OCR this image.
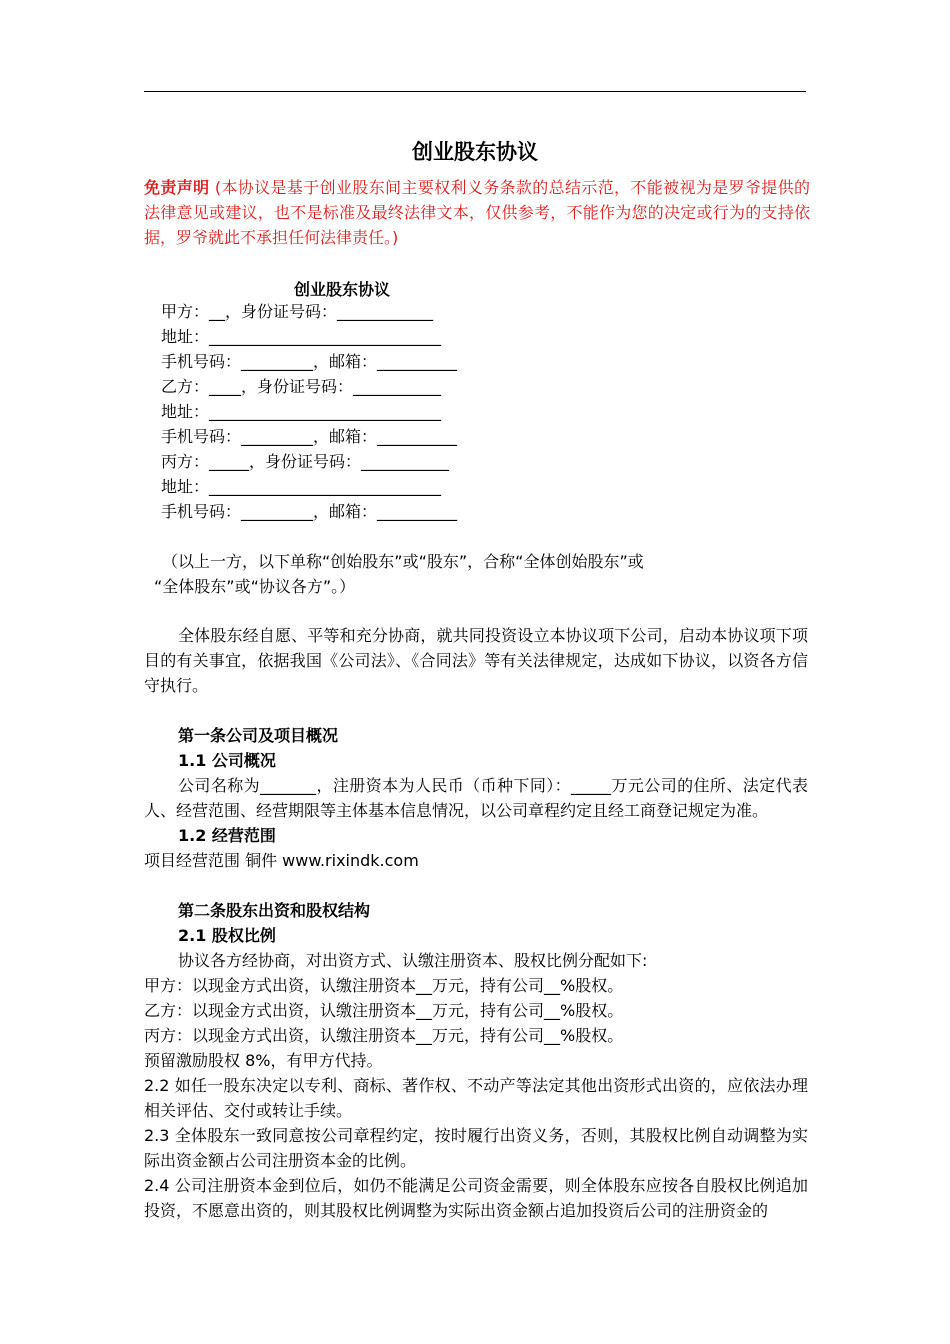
创业股东协议
免责声明 (本协议是基于创业股东间主要权利义务条款的总结示范，不能被视为是罗爷提供的法律意见或建议，也不是标准及最终法律文本，仅供参考，不能作为您的决定或行为的支持依据，罗爷就此不承担任何法律责任。)
创业股东协议
甲方：__，身份证号码：____________
地址：_____________________________
手机号码：_________，邮箱：__________
乙方：____，身份证号码：___________
地址：_____________________________
手机号码：_________，邮箱：__________
丙方：_____，身份证号码：___________
地址：_____________________________
手机号码：_________，邮箱：__________
（以上一方，以下单称“创始股东”或“股东”，合称“全体创始股东”或
“全体股东”或“协议各方”。）
全体股东经自愿、平等和充分协商，就共同投资设立本协议项下公司，启动本协议项下项目的有关事宜，依据我国《公司法》、《合同法》等有关法律规定，达成如下协议，以资各方信守执行。
第一条公司及项目概况
1.1 公司概况
公司名称为_______，注册资本为人民币（币种下同）：_____万元公司的住所、法定代表人、经营范围、经营期限等主体基本信息情况，以公司章程约定且经工商登记规定为准。
1.2 经营范围
项目经营范围 铜件 www.rixindk.com
第二条股东出资和股权结构
2.1 股权比例
协议各方经协商，对出资方式、认缴注册资本、股权比例分配如下:
甲方：以现金方式出资，认缴注册资本__万元，持有公司__%股权。
乙方：以现金方式出资，认缴注册资本__万元，持有公司__%股权。
丙方：以现金方式出资，认缴注册资本__万元，持有公司__%股权。
预留激励股权 8%，有甲方代持。
2.2 如任一股东决定以专利、商标、著作权、不动产等法定其他出资形式出资的，应依法办理相关评估、交付或转让手续。
2.3 全体股东一致同意按公司章程约定，按时履行出资义务，否则，其股权比例自动调整为实际出资金额占公司注册资本金的比例。
2.4 公司注册资本金到位后，如仍不能满足公司资金需要，则全体股东应按各自股权比例追加投资，不愿意出资的，则其股权比例调整为实际出资金额占追加投资后公司的注册资金的
